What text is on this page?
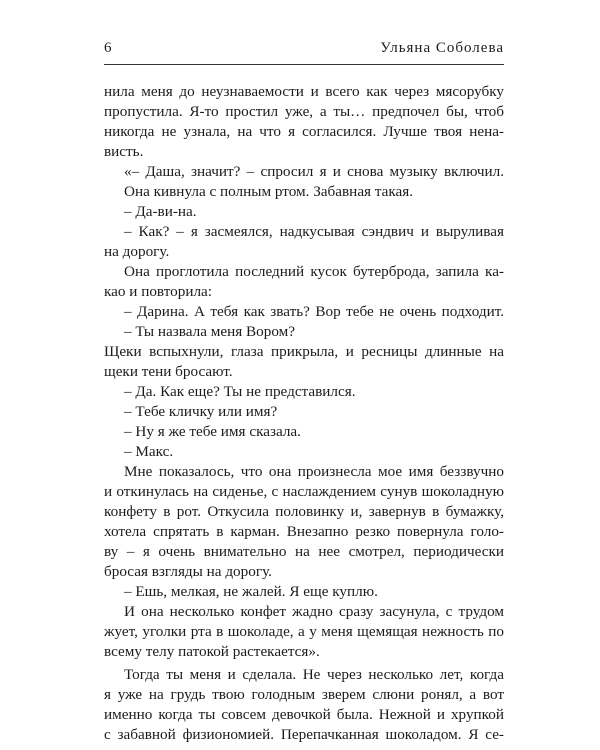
6	Ульяна Соболева
нила меня до неузнаваемости и всего как через мясорубку
пропустила. Я-то простил уже, а ты… предпочел бы, чтоб
никогда не узнала, на что я согласился. Лучше твоя нена-
висть.
«– Даша, значит? – спросил я и снова музыку включил.
Она кивнула с полным ртом. Забавная такая.
– Да-ви-на.
– Как? – я засмеялся, надкусывая сэндвич и выруливая
на дорогу.
Она проглотила последний кусок бутерброда, запила ка-
као и повторила:
– Дарина. А тебя как звать? Вор тебе не очень подходит.
– Ты назвала меня Вором?
Щеки вспыхнули, глаза прикрыла, и ресницы длинные на
щеки тени бросают.
– Да. Как еще? Ты не представился.
– Тебе кличку или имя?
– Ну я же тебе имя сказала.
– Макс.
Мне показалось, что она произнесла мое имя беззвучно
и откинулась на сиденье, с наслаждением сунув шоколадную
конфету в рот. Откусила половинку и, завернув в бумажку,
хотела спрятать в карман. Внезапно резко повернула голо-
ву – я очень внимательно на нее смотрел, периодически
бросая взгляды на дорогу.
– Ешь, мелкая, не жалей. Я еще куплю.
И она несколько конфет жадно сразу засунула, с трудом
жует, уголки рта в шоколаде, а у меня щемящая нежность по
всему телу патокой растекается».
Тогда ты меня и сделала. Не через несколько лет, когда
я уже на грудь твою голодным зверем слюни ронял, а вот
именно когда ты совсем девочкой была. Нежной и хрупкой
с забавной физиономией. Перепачканная шоколадом. Я се-
